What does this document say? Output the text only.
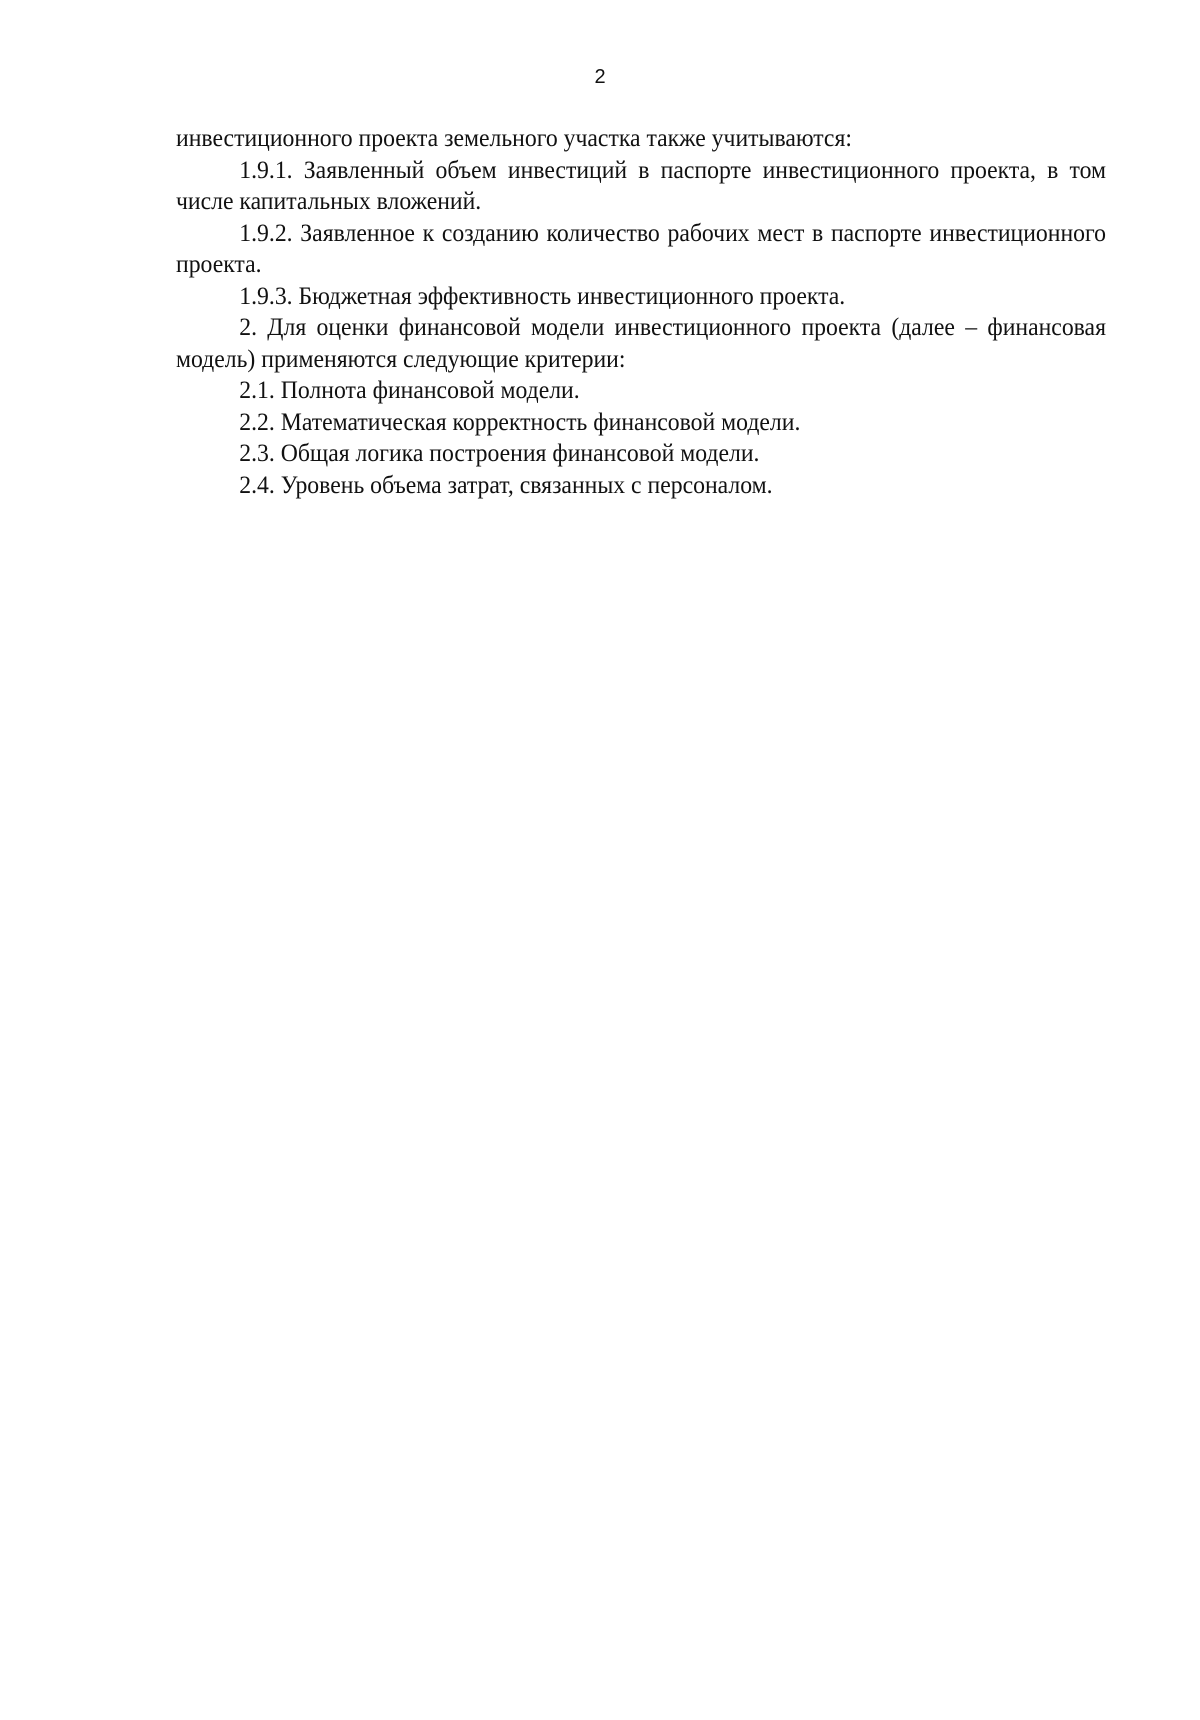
2

инвестиционного проекта земельного участка также учитываются:

1.9.1. Заявленный объем инвестиций в паспорте инвестиционного проекта, в том числе капитальных вложений.

1.9.2. Заявленное к созданию количество рабочих мест в паспорте инвестиционного проекта.

1.9.3. Бюджетная эффективность инвестиционного проекта.

2. Для оценки финансовой модели инвестиционного проекта (далее – финансовая модель) применяются следующие критерии:

2.1. Полнота финансовой модели.

2.2. Математическая корректность финансовой модели.

2.3. Общая логика построения финансовой модели.

2.4. Уровень объема затрат, связанных с персоналом.
